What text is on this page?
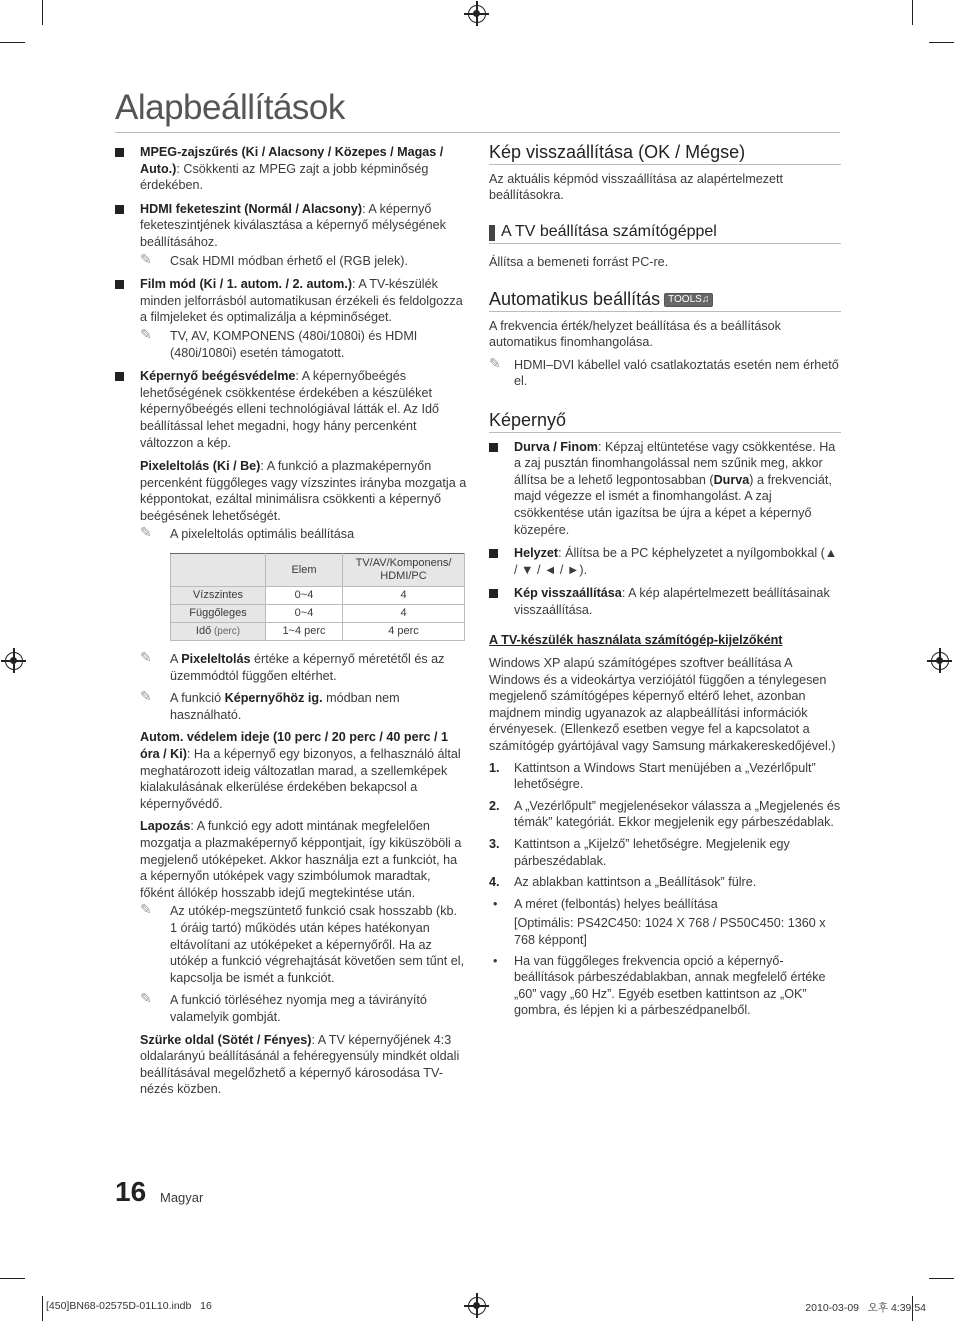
Alapbeállítások
MPEG-zajszűrés (Ki / Alacsony / Közepes / Magas / Auto.): Csökkenti az MPEG zajt a jobb képminőség érdekében.
HDMI feketeszint (Normál / Alacsony): A képernyő feketeszintjének kiválasztása a képernyő mélységének beállításához.
✎ Csak HDMI módban érhető el (RGB jelek).
Film mód (Ki / 1. autom. / 2. autom.): A TV-készülék minden jelforrásból automatikusan érzékeli és feldolgozza a filmjeleket és optimalizálja a képminőséget.
✎ TV, AV, KOMPONENS (480i/1080i) és HDMI (480i/1080i) esetén támogatott.
Képernyő beégésvédelme: A képernyőbeégés lehetőségének csökkentése érdekében a készüléket képernyőbeégés elleni technológiával látták el. Az Idő beállítással lehet megadni, hogy hány percenként változzon a kép.
Pixeleltolás (Ki / Be): A funkció a plazmaképernyőn percenként függőleges vagy vízszintes irányba mozgatja a képpontokat, ezáltal minimálisra csökkenti a képernyő beégésének lehetőségét.
✎ A pixeleltolás optimális beállítása
	Elem	TV/AV/Komponens/ HDMI/PC
Vízszintes	0~4	4
Függőleges	0~4	4
Idő (perc)	1~4 perc	4 perc
✎ A Pixeleltolás értéke a képernyő méretétől és az üzemmódtól függően eltérhet.
✎ A funkció Képernyőhöz ig. módban nem használható.
Autom. védelem ideje (10 perc / 20 perc / 40 perc / 1 óra / Ki): Ha a képernyő egy bizonyos, a felhasználó által meghatározott ideig változatlan marad, a szellemképek kialakulásának elkerülése érdekében bekapcsol a képernyővédő.
Lapozás: A funkció egy adott mintának megfelelően mozgatja a plazmaképernyő képpontjait, így kiküszöböli a megjelenő utóképeket. Akkor használja ezt a funkciót, ha a képernyőn utóképek vagy szimbólumok maradtak, főként állókép hosszabb idejű megtekintése után.
✎ Az utókép-megszüntető funkció csak hosszabb (kb. 1 óráig tartó) működés után képes hatékonyan eltávolítani az utóképeket a képernyőről. Ha az utókép a funkció végrehajtását követően sem tűnt el, kapcsolja be ismét a funkciót.
✎ A funkció törléséhez nyomja meg a távirányító valamelyik gombját.
Szürke oldal (Sötét / Fényes): A TV képernyőjének 4:3 oldalarányú beállításánál a fehéregyensúly mindkét oldali beállításával megelőzhető a képernyő károsodása TV-nézés közben.
Kép visszaállítása (OK / Mégse)
Az aktuális képmód visszaállítása az alapértelmezett beállításokra.
A TV beállítása számítógéppel
Állítsa a bemeneti forrást PC-re.
Automatikus beállítás TOOLS♫
A frekvencia érték/helyzet beállítása és a beállítások automatikus finomhangolása.
✎ HDMI–DVI kábellel való csatlakoztatás esetén nem érhető el.
Képernyő
Durva / Finom: Képzaj eltüntetése vagy csökkentése. Ha a zaj pusztán finomhangolással nem szűnik meg, akkor állítsa be a lehető legpontosabban (Durva) a frekvenciát, majd végezze el ismét a finomhangolást. A zaj csökkentése után igazítsa be újra a képet a képernyő közepére.
Helyzet: Állítsa be a PC képhelyzetet a nyílgombokkal (▲ / ▼ / ◄ / ►).
Kép visszaállítása: A kép alapértelmezett beállításainak visszaállítása.
A TV-készülék használata számítógép-kijelzőként
Windows XP alapú számítógépes szoftver beállítása A Windows és a videokártya verziójától függően a ténylegesen megjelenő számítógépes képernyő eltérő lehet, azonban majdnem mindig ugyanazok az alapbeállítási információk érvényesek. (Ellenkező esetben vegye fel a kapcsolatot a számítógép gyártójával vagy Samsung márkakereskedőjével.)
1. Kattintson a Windows Start menüjében a „Vezérlőpult” lehetőségre.
2. A „Vezérlőpult” megjelenésekor válassza a „Megjelenés és témák” kategóriát. Ekkor megjelenik egy párbeszédablak.
3. Kattintson a „Kijelző” lehetőségre. Megjelenik egy párbeszédablak.
4. Az ablakban kattintson a „Beállítások” fülre.
• A méret (felbontás) helyes beállítása
[Optimális: PS42C450: 1024 X 768 / PS50C450: 1360 x 768 képpont]
• Ha van függőleges frekvencia opció a képernyő-beállítások párbeszédablakban, annak megfelelő értéke „60” vagy „60 Hz”. Egyéb esetben kattintson az „OK” gombra, és lépjen ki a párbeszédpanelből.
16 Magyar
[450]BN68-02575D-01L10.indb   16	2010-03-09   오후 4:39:54
